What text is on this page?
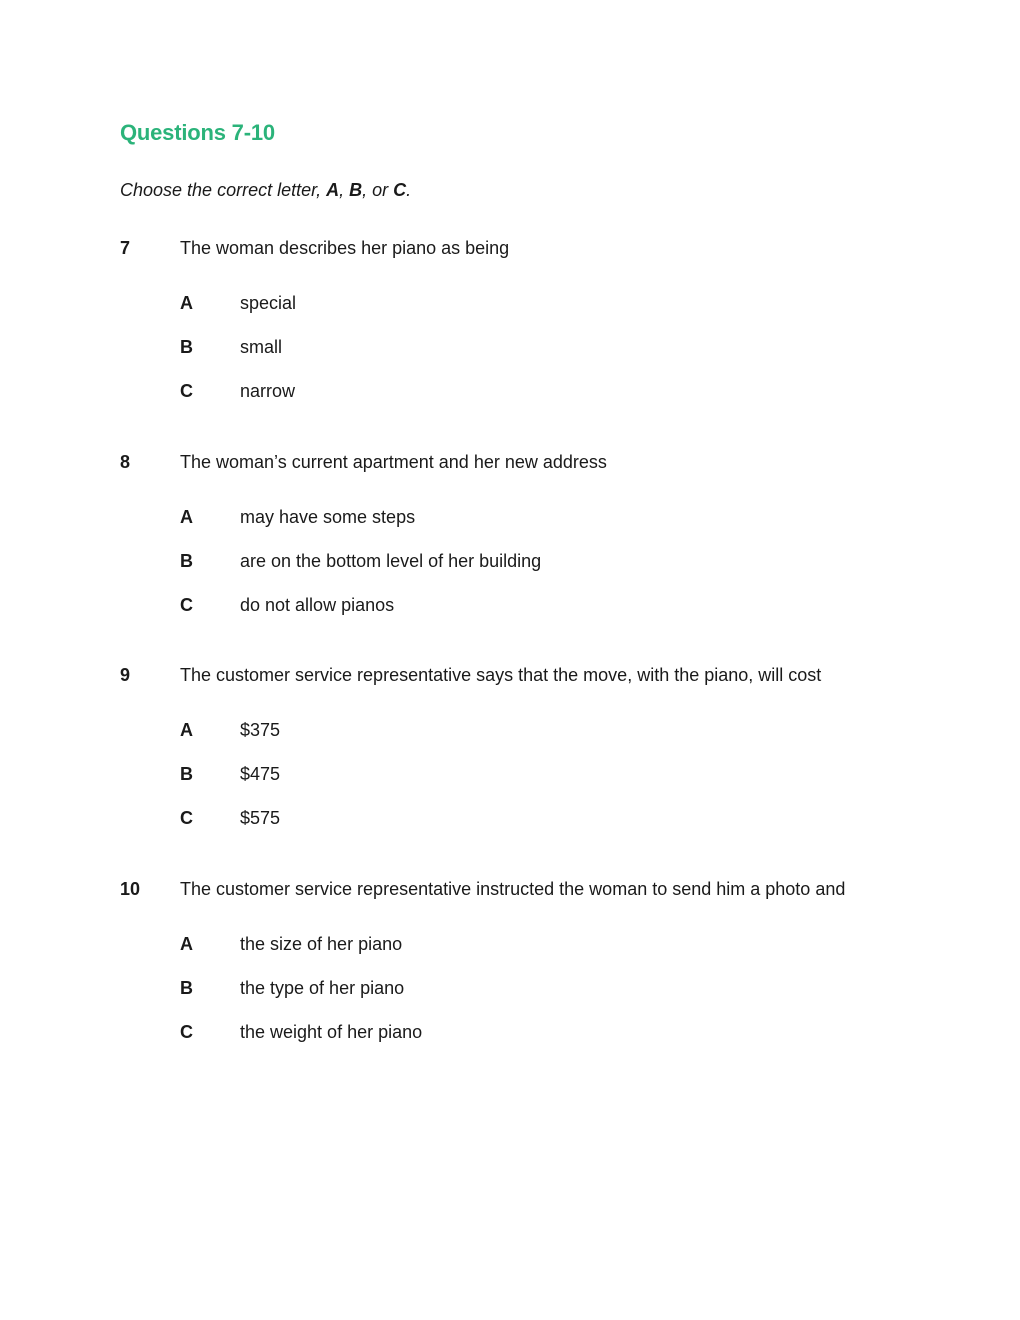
Questions 7-10
Choose the correct letter, A, B, or C.
7	The woman describes her piano as being
A	special
B	small
C	narrow
8	The woman’s current apartment and her new address
A	may have some steps
B	are on the bottom level of her building
C	do not allow pianos
9	The customer service representative says that the move, with the piano, will cost
A	$375
B	$475
C	$575
10 The customer service representative instructed the woman to send him a photo and
A	the size of her piano
B	the type of her piano
C	the weight of her piano
